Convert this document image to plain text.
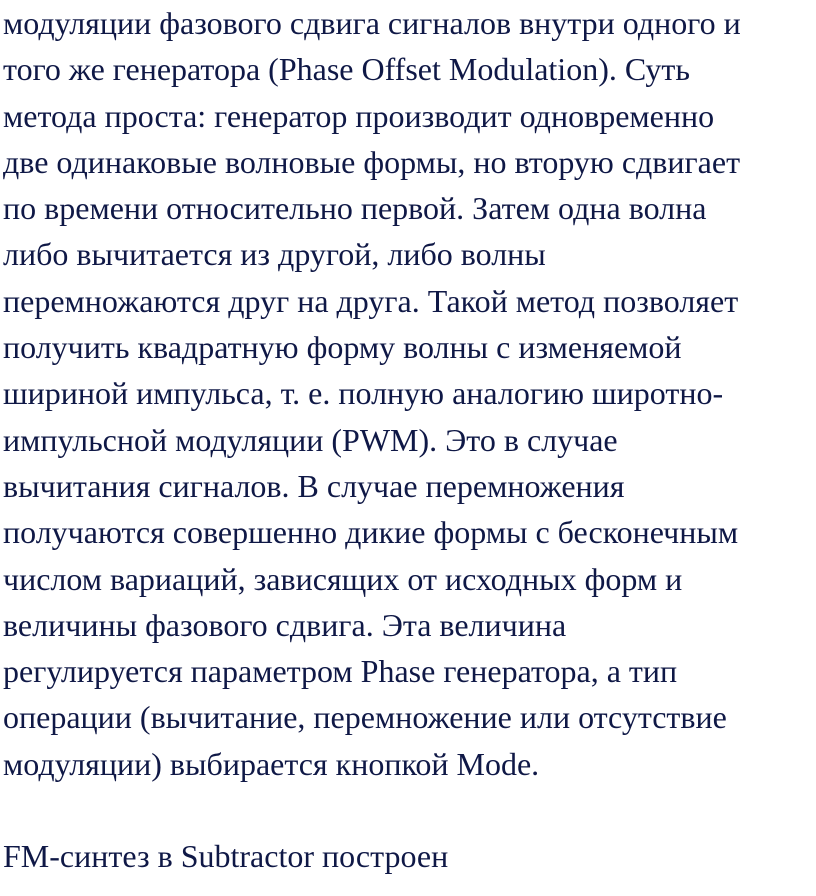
модуляции фазового сдвига сигналов внутри одного и
того же генератора (Phase Offset Modulation). Суть
метода проста: генератор производит одновременно
две одинаковые волновые формы, но вторую сдвигает
по времени относительно первой. Затем одна волна
либо вычитается из другой, либо волны
перемножаются друг на друга. Такой метод позволяет
получить квадратную форму волны с изменяемой
шириной импульса, т. е. полную аналогию широтно-
импульсной модуляции (PWM). Это в случае
вычитания сигналов. В случае перемножения
получаются совершенно дикие формы с бесконечным
числом вариаций, зависящих от исходных форм и
величины фазового сдвига. Эта величина
регулируется параметром Phase генератора, а тип
операции (вычитание, перемножение или отсутствие
модуляции) выбирается кнопкой Mode.
FM-синтез в Subtractor построен
